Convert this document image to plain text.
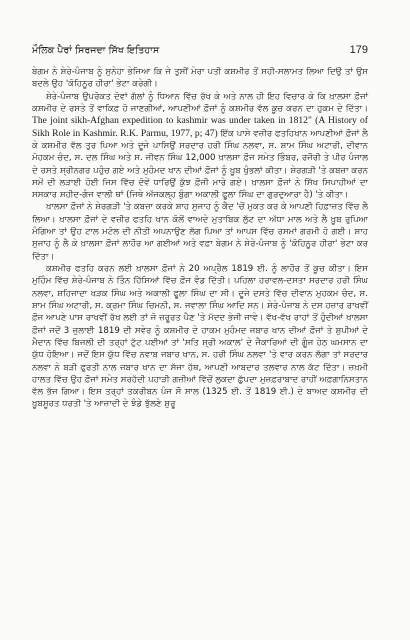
ਮੌਲਿਕ ਪੈਰਾਂ ਸਿਰਜਦਾ ਸਿੱਖ ਇਤਿਹਾਸ	179

ਬੇਗਮ ਨੇ ਸ਼ੇਰੇ-ਪੰਜਾਬ ਨੂੰ ਸੁਨੇਹਾ ਭੇਜਿਆ ਕਿ ਜੇ ਤੁਸੀਂ ਮੇਰਾ ਪਤੀ ਕਸ਼ਮੀਰ ਤੋਂ ਸਹੀ-ਸਲਾਮਤ ਲਿਆ ਦਿਉ ਤਾਂ ਉਸ ਬਦਲੇ ਉਹ 'ਕੋਹਿਨੂਰ ਹੀਰਾ' ਭੇਟਾ ਕਰੇਗੀ।

ਸ਼ੇਰੇ-ਪੰਜਾਬ ਉਪਰੋਕਤ ਦੋਵਾਂ ਗੱਲਾਂ ਨੂੰ ਧਿਆਨ ਵਿੱਚ ਰੱਖ ਕੇ ਅਤੇ ਨਾਲ ਹੀ ਇਹ ਵਿਚਾਰ ਕੇ ਕਿ ਖ਼ਾਲਸਾ ਫ਼ੌਜਾਂ ਕਸ਼ਮੀਰ ਦੇ ਰਸਤੇ ਤੋਂ ਵਾਕਿਫ਼ ਹੋ ਜਾਣਗੀਆਂ, ਆਪਣੀਆਂ ਫ਼ੌਜਾਂ ਨੂੰ ਕਸ਼ਮੀਰ ਵੱਲ ਕੂਚ ਕਰਨ ਦਾ ਹੁਕਮ ਦੇ ਦਿੱਤਾ। The joint sikh-Afghan expedition to kashmir was under taken in 1812" (A History of Sikh Role in Kashmir. R.K. Parmu, 1977, p; 47) ਇੱਕ ਪਾਸੇ ਵਜ਼ੀਰ ਫਤਹਿਖਾਨ ਆਪਣੀਆਂ ਫ਼ੌਜਾਂ ਲੈ ਕੇ ਕਸ਼ਮੀਰ ਵੱਲ ਤੁਰ ਪਿਆ ਅਤੇ ਦੂਜੇ ਪਾਸਿਉਂ ਸਰਦਾਰ ਹਰੀ ਸਿੰਘ ਨਲਵਾ, ਸ. ਸ਼ਾਮ ਸਿੰਘ ਅਟਾਰੀ, ਦੀਵਾਨ ਮੋਹਕਮ ਚੰਦ, ਸ. ਦਲ ਸਿੰਘ ਅਤੇ ਸ. ਜੀਵਨ ਸਿੰਘ 12,000 ਖ਼ਾਲਸਾ ਫ਼ੌਜ ਸਮੇਤ ਭਿੰਬਰ, ਰਜੌਰੀ ਤੇ ਪੀਰ ਪੰਜਾਲ ਦੇ ਰਸਤੇ ਸ਼੍ਰੀਨਗਰ ਪਹੁੰਚ ਗਏ ਅਤੇ ਮੁਹੰਮਦ ਖਾਨ ਦੀਆਂ ਫ਼ੌਜਾਂ ਨੂੰ ਖ਼ੂਬ ਖੁੰਭਲਾਂ ਕੀਤਾ। ਸ਼ੇਰਗੜੀ 'ਤੇ ਕਬਜ਼ਾ ਕਰਨ ਸਮੇਂ ਦੀ ਲੜਾਈ ਹੋਈ ਜਿਸ ਵਿੱਚ ਦੋਵੇਂ ਧਾਰਿਉਂ ਕੁੱਝ ਫ਼ੌਜੀ ਮਾਰੇ ਗਏ। ਖ਼ਾਲਸਾ ਫ਼ੌਜਾਂ ਨੇ ਸਿੱਖ ਸਿਪਾਹੀਆਂ ਦਾ ਸਸਕਾਰ ਸ਼ਹੀਦ-ਗੰਜ ਵਾਲੀ ਥਾਂ (ਜਿਥੇ ਅੱਜਕਲ੍ਹ ਬੁੰਗਾ ਅਕਾਲੀ ਫੂਲਾ ਸਿੰਘ ਦਾ ਗੁਰਦੁਆਰਾ ਹੈ) 'ਤੇ ਕੀਤਾ।

ਖ਼ਾਲਸਾ ਫ਼ੌਜਾਂ ਨੇ ਸ਼ੇਰਗੜੀ 'ਤੇ ਕਬਜ਼ਾ ਕਰਕੇ ਸ਼ਾਹ ਸੁਜਾਹ ਨੂੰ ਕੈਦ 'ਚੋਂ ਮੁਕਤ ਕਰ ਕੇ ਆਪਣੀ ਹਿਫ਼ਾਜ਼ਤ ਵਿੱਚ ਲੈ ਲਿਆ। ਖ਼ਾਲਸਾ ਫ਼ੌਜਾਂ ਦੇ ਵਜ਼ੀਰ ਫਤਹਿ ਖਾਨ ਕੋਲੋਂ ਵਾਅਦੇ ਮੁਤਾਬਿਕ ਲੁੱਟ ਦਾ ਅੱਧਾ ਮਾਲ ਅਤੇ ਲੈ ਖ਼ੂਬ ਰੁਪਿਆ ਮੰਗਿਆ ਤਾਂ ਉਹ ਟਾਲ ਮਟੋਲ ਦੀ ਨੀਤੀ ਅਪਨਾਉਣ ਲੱਗ ਪਿਆ ਤਾਂ ਆਪਸ ਵਿੱਚ ਰਸਮਾਂ ਗਰਮੀ ਹੋ ਗਈ। ਸ਼ਾਹ ਸੁਜਾਹ ਨੂੰ ਲੈ ਕੇ ਖ਼ਾਲਸਾ ਫ਼ੌਜਾਂ ਲਾਹੌਰ ਆ ਗਈਆਂ ਅਤੇ ਵਫ਼ਾ ਬੇਗਮ ਨੇ ਸ਼ੇਰੇ-ਪੰਜਾਬ ਨੂੰ 'ਕੋਹਿਨੂਰ ਹੀਰਾ' ਭੇਟਾ ਕਰ ਦਿੱਤਾ।

ਕਸ਼ਮੀਰ ਫਤਹਿ ਕਰਨ ਲਈ ਖ਼ਾਲਸਾ ਫ਼ੌਜਾਂ ਨੇ 20 ਅਪ੍ਰੈਲ 1819 ਈ. ਨੂੰ ਲਾਹੌਰ ਤੋਂ ਕੂਚ ਕੀਤਾ। ਇਸ ਮੁਹਿੰਮ ਵਿੱਚ ਸ਼ੇਰੇ-ਪੰਜਾਬ ਨੇ ਤਿੰਨ ਹਿੱਸਿਆਂ ਵਿੱਚ ਫ਼ੌਜ ਵੰਡ ਦਿੱਤੀ। ਪਹਿਲਾ ਹਰਾਵਲ-ਦਸਤਾ ਸਰਦਾਰ ਹਰੀ ਸਿੰਘ ਨਲਵਾ, ਸ਼ਹਿਜਾਦਾ ਖੜਕ ਸਿੰਘ ਅਤੇ ਅਕਾਲੀ ਫੂਲਾ ਸਿੰਘ ਦਾ ਸੀ। ਦੂਜੇ ਦਸਤੇ ਵਿੱਚ ਦੀਵਾਨ ਮੁਹਕਮ ਚੰਦ, ਸ. ਸ਼ਾਮ ਸਿੰਘ ਅਟਾਰੀ, ਸ. ਕ੍ਰਮਾ ਸਿੰਘ ਚਿਮਨੀ, ਸ. ਜਵਾਲਾ ਸਿੰਘ ਆਦਿ ਸਨ। ਸ਼ੇਰੇ-ਪੰਜਾਬ ਨੇ ਦਸ ਹਜ਼ਾਰ ਰਾਖਵੀਂ ਫ਼ੌਜ ਆਪਣੇ ਪਾਸ ਰਾਖਵੀਂ ਰੱਖ ਲਈ ਤਾਂ ਜੋ ਜ਼ਰੂਰਤ ਪੈਣ 'ਤੇ ਮੱਦਦ ਭੇਜੀ ਜਾਵੇ। ਵੱਖ-ਵੱਖ ਰਾਹਾਂ ਤੋਂ ਹੁੰਦੀਆਂ ਖ਼ਾਲਸਾ ਫ਼ੌਜਾਂ ਜਦੋਂ 3 ਜੁਲਾਈ 1819 ਦੀ ਸਵੇਰ ਨੂੰ ਕਸ਼ਮੀਰ ਦੇ ਹਾਕਮ ਮੁਹੰਮਦ ਜਬਾਰ ਖਾਨ ਦੀਆਂ ਫ਼ੌਜਾਂ ਤੇ ਸ਼ੁਪੀਆਂ ਦੇ ਮੈਦਾਨ ਵਿੱਚ ਬਿਜਲੀ ਦੀ ਤਰ੍ਹਾਂ ਟੁੱਟ ਪਈਆਂ ਤਾਂ 'ਸਤਿ ਸ੍ਰੀ ਅਕਾਲ' ਦੇ ਜੈਕਾਰਿਆਂ ਦੀ ਗੂੰਜ ਹੇਠ ਘਮਸਾਨ ਦਾ ਯੁੱਧ ਹੋਇਆ। ਜਦੋਂ ਇਸ ਯੁੱਧ ਵਿੱਚ ਨਵਾਬ ਜਬਾਰ ਖਾਨ, ਸ. ਹਰੀ ਸਿੰਘ ਨਲਵਾ 'ਤੇ ਵਾਰ ਕਰਨ ਲੱਗਾ ਤਾਂ ਸਰਦਾਰ ਨਲਵਾ ਨੇ ਬੜੀ ਫੁਰਤੀ ਨਾਲ ਜਬਾਰ ਖਾਨ ਦਾ ਸੱਜਾ ਹੱਥ, ਆਪਣੀ ਆਬਦਾਰ ਤਲਵਾਰ ਨਾਲ ਕੱਟ ਦਿੱਤਾ। ਜ਼ਖ਼ਮੀ ਹਾਲਤ ਵਿੱਚ ਉਹ ਫ਼ੌਜਾਂ ਸਮੇਤ ਸਰਹੱਦੀ ਪਹਾੜੀ ਗਜ਼ੀਆਂ ਵਿੱਚੋਂ ਲੁਕਦਾ ਛੁੱਪਦਾ ਮੁਜ਼ਫ਼ਰਾਬਾਦ ਰਾਹੀਂ ਅਫ਼ਗਾਨਿਸਤਾਨ ਵੱਲ ਭੱਜ ਗਿਆ। ਇਸ ਤਰ੍ਹਾਂ ਤਕਰੀਬਨ ਪੰਜ ਸੌ ਸਾਲ (1325 ਈ. ਤੋਂ 1819 ਈ.) ਦੇ ਬਾਅਦ ਕਸ਼ਮੀਰ ਦੀ ਖ਼ੂਬਸੂਰਤ ਧਰਤੀ 'ਤੇ ਆਜ਼ਾਦੀ ਦੇ ਝੰਡੇ ਝੁੱਲਣੇ ਸ਼ੁਰੂ
